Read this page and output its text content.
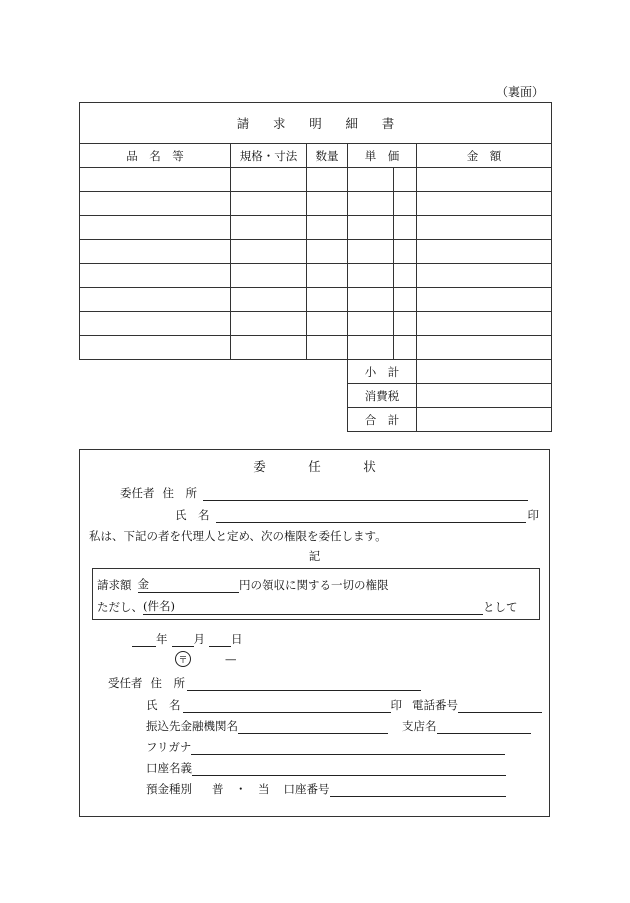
（裏面）
請求明細書					
品　名　等	規格・寸法	数量	単　価		金　額

			小　計		
			消費税		
			合　計		
委任状
委任者 住　所
氏　名	印
私は、下記の者を代理人と定め、次の権限を委任します。
記
請求額 金	円の領収に関する一切の権限
ただし、 (件名)	として
年 月 日
〒	—
受任者 住　所
氏　名	印 電話番号
振込先金融機関名	支店名
フリガナ
口座名義
預金種別 普　・　当 口座番号
